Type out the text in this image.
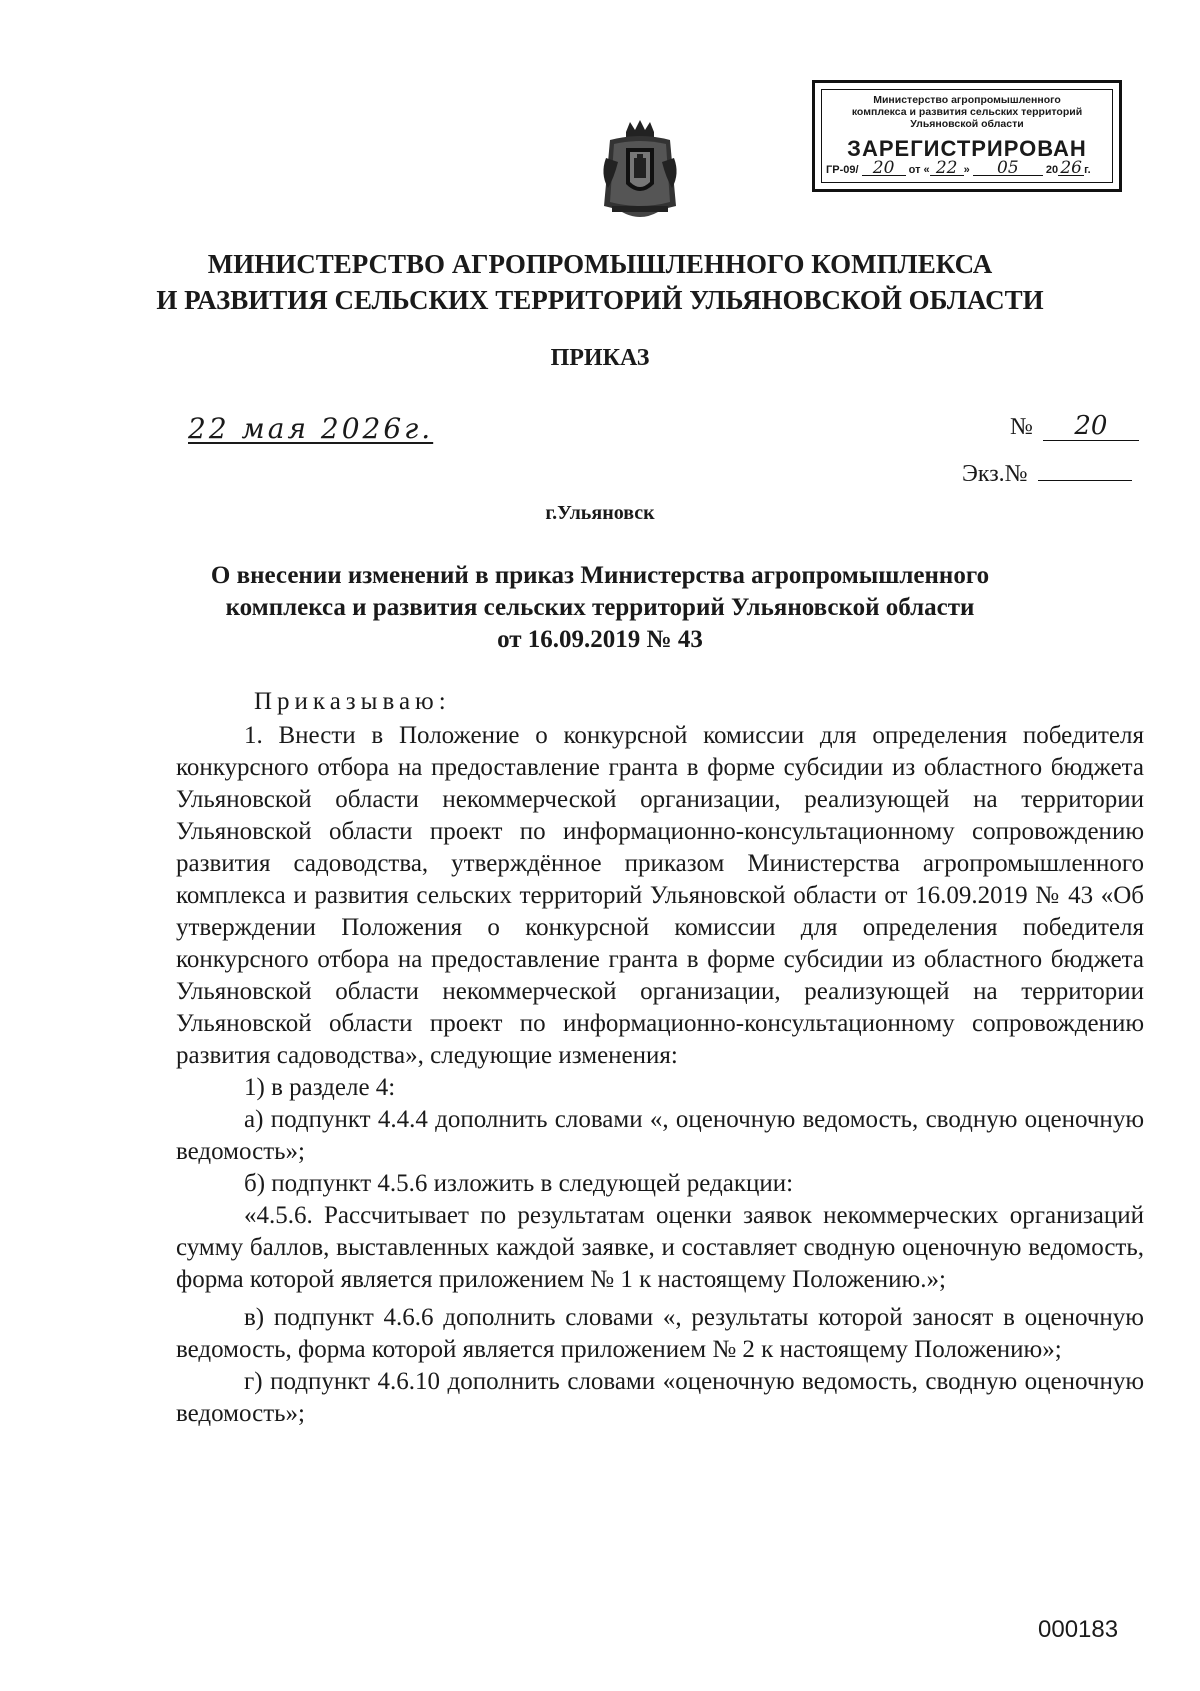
Министерство агропромышленного
комплекса и развития сельских территорий
Ульяновской области
ЗАРЕГИСТРИРОВАН
ГР-09/ 20 от « 22 » 05 20 26 г.
МИНИСТЕРСТВО АГРОПРОМЫШЛЕННОГО КОМПЛЕКСА
И РАЗВИТИЯ СЕЛЬСКИХ ТЕРРИТОРИЙ УЛЬЯНОВСКОЙ ОБЛАСТИ
ПРИКАЗ
22 мая 2026г.	№ 20
Экз.№
г.Ульяновск
О внесении изменений в приказ Министерства агропромышленного
комплекса и развития сельских территорий Ульяновской области
от 16.09.2019 № 43

Приказываю:

1. Внести в Положение о конкурсной комиссии для определения победителя конкурсного отбора на предоставление гранта в форме субсидии из областного бюджета Ульяновской области некоммерческой организации, реализующей на территории Ульяновской области проект по информационно-консультационному сопровождению развития садоводства, утверждённое приказом Министерства агропромышленного комплекса и развития сельских территорий Ульяновской области от 16.09.2019 № 43 «Об утверждении Положения о конкурсной комиссии для определения победителя конкурсного отбора на предоставление гранта в форме субсидии из областного бюджета Ульяновской области некоммерческой организации, реализующей на территории Ульяновской области проект по информационно-консультационному сопровождению развития садоводства», следующие изменения:

1) в разделе 4:

а) подпункт 4.4.4 дополнить словами «, оценочную ведомость, сводную оценочную ведомость»;

б) подпункт 4.5.6 изложить в следующей редакции:

«4.5.6. Рассчитывает по результатам оценки заявок некоммерческих организаций сумму баллов, выставленных каждой заявке, и составляет сводную оценочную ведомость, форма которой является приложением № 1 к настоящему Положению.»;

в) подпункт 4.6.6 дополнить словами «, результаты которой заносят в оценочную ведомость, форма которой является приложением № 2 к настоящему Положению»;

г) подпункт 4.6.10 дополнить словами «оценочную ведомость, сводную оценочную ведомость»;

000183
